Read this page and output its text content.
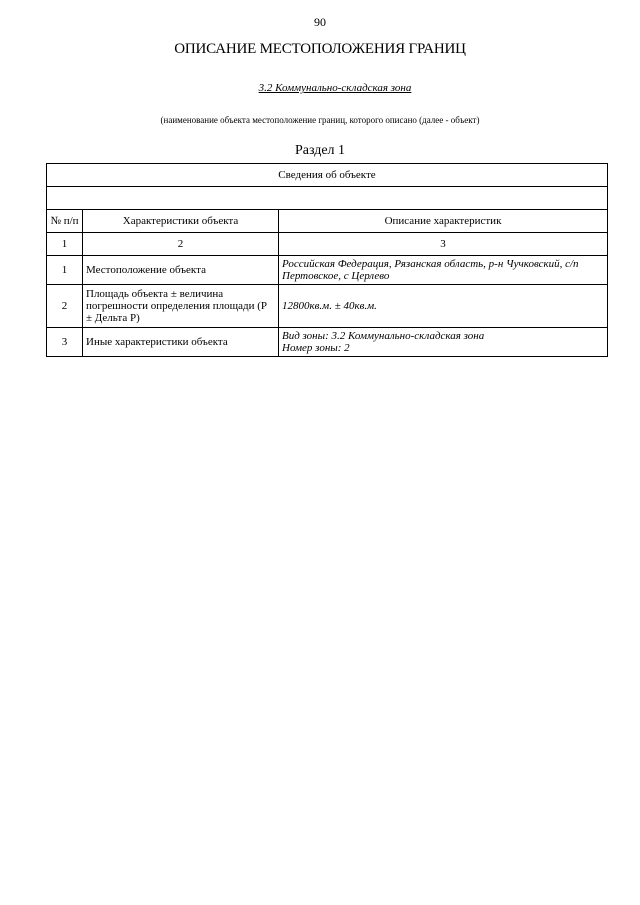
90
ОПИСАНИЕ МЕСТОПОЛОЖЕНИЯ ГРАНИЦ
3.2 Коммунально-складская зона
(наименование объекта местоположение границ, которого описано (далее - объект)
Раздел 1
Сведения об объекте		

№ п/п	Характеристики объекта	Описание характеристик
1	2	3
1	Местоположение объекта	Российская Федерация, Рязанская область, р-н Чучковский, с/п Пертовское, с Церлево

2	Площадь объекта ± величина погрешности определения площади (Р ± Дельта Р)	12800кв.м. ± 40кв.м.

3	Иные характеристики объекта	Вид зоны: 3.2 Коммунально-складская зона
Номер зоны: 2
